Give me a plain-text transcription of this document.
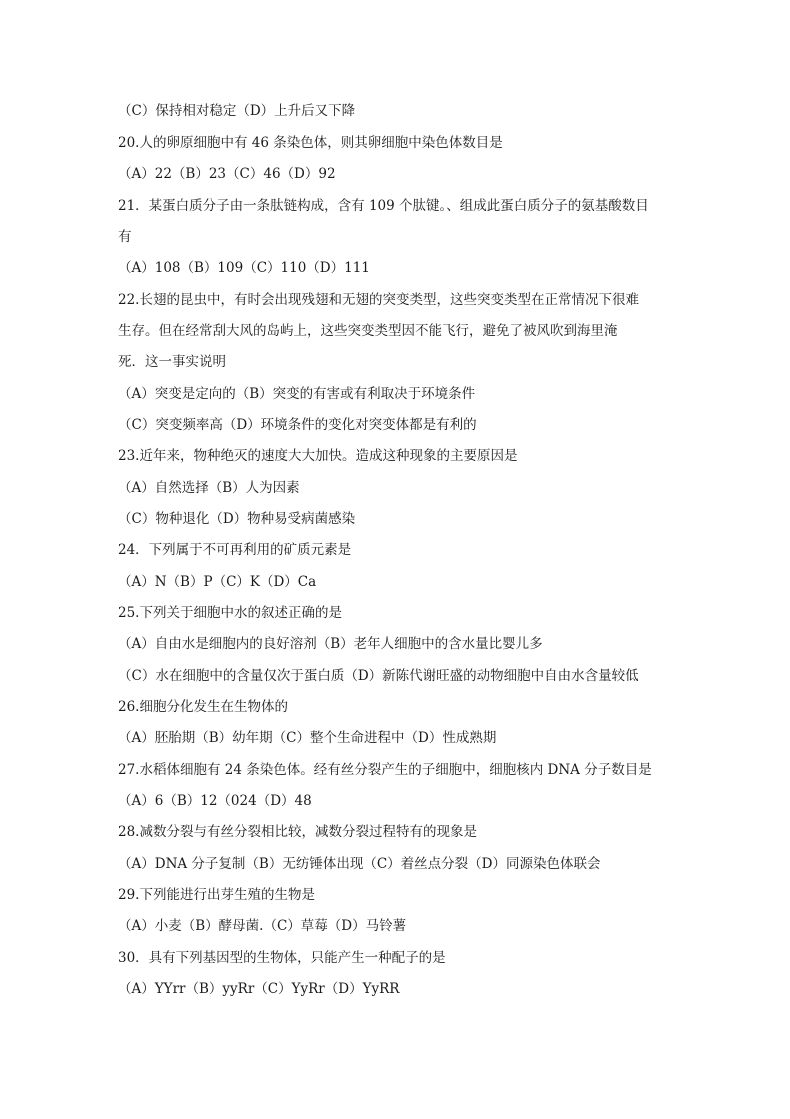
（C）保持相对稳定（D）上升后又下降
20.人的卵原细胞中有 46 条染色体，则其卵细胞中染色体数目是
（A）22（B）23（C）46（D）92
21．某蛋白质分子由一条肽链构成，含有 109 个肽键。、组成此蛋白质分子的氨基酸数目
有
（A）108（B）109（C）110（D）111
22.长翅的昆虫中，有时会出现残翅和无翅的突变类型，这些突变类型在正常情况下很难
生存。但在经常刮大风的岛屿上，这些突变类型因不能飞行，避免了被风吹到海里淹
死．这一事实说明
（A）突变是定向的（B）突变的有害或有利取决于环境条件
（C）突变频率高（D）环境条件的变化对突变体都是有利的
23.近年来，物种绝灭的速度大大加快。造成这种现象的主要原因是
（A）自然选择（B）人为因素
（C）物种退化（D）物种易受病菌感染
24．下列属于不可再利用的矿质元素是
（A）N（B）P（C）K（D）Ca
25.下列关于细胞中水的叙述正确的是
（A）自由水是细胞内的良好溶剂（B）老年人细胞中的含水量比婴儿多
（C）水在细胞中的含量仅次于蛋白质（D）新陈代谢旺盛的动物细胞中自由水含量较低
26.细胞分化发生在生物体的
（A）胚胎期（B）幼年期（C）整个生命进程中（D）性成熟期
27.水稻体细胞有 24 条染色体。经有丝分裂产生的子细胞中，细胞核内 DNA 分子数目是
（A）6（B）12（024（D）48
28.减数分裂与有丝分裂相比较，减数分裂过程特有的现象是
（A）DNA 分子复制（B）无纺锤体出现（C）着丝点分裂（D）同源染色体联会
29.下列能进行出芽生殖的生物是
（A）小麦（B）酵母菌.（C）草莓（D）马铃薯
30．具有下列基因型的生物体，只能产生一种配子的是
（A）YYrr（B）yyRr（C）YyRr（D）YyRR
